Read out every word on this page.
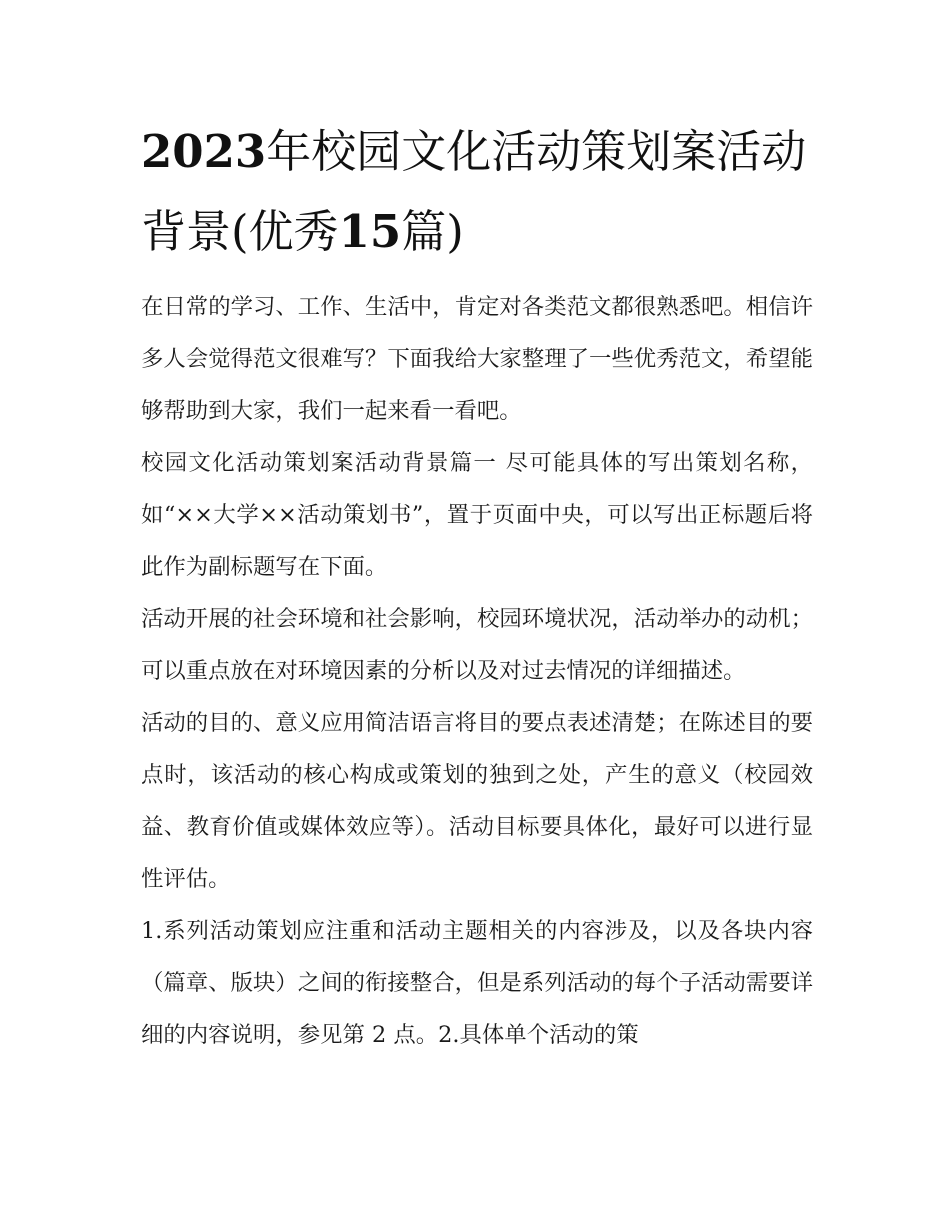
2023年校园文化活动策划案活动背景(优秀15篇)

在日常的学习、工作、生活中，肯定对各类范文都很熟悉吧。相信许多人会觉得范文很难写？下面我给大家整理了一些优秀范文，希望能够帮助到大家，我们一起来看一看吧。

校园文化活动策划案活动背景篇一 尽可能具体的写出策划名称，如“××大学××活动策划书”，置于页面中央，可以写出正标题后将此作为副标题写在下面。

活动开展的社会环境和社会影响，校园环境状况，活动举办的动机；可以重点放在对环境因素的分析以及对过去情况的详细描述。

活动的目的、意义应用简洁语言将目的要点表述清楚；在陈述目的要点时，该活动的核心构成或策划的独到之处，产生的意义（校园效益、教育价值或媒体效应等）。活动目标要具体化，最好可以进行显性评估。

1.系列活动策划应注重和活动主题相关的内容涉及，以及各块内容（篇章、版块）之间的衔接整合，但是系列活动的每个子活动需要详细的内容说明，参见第 2 点。2.具体单个活动的策
